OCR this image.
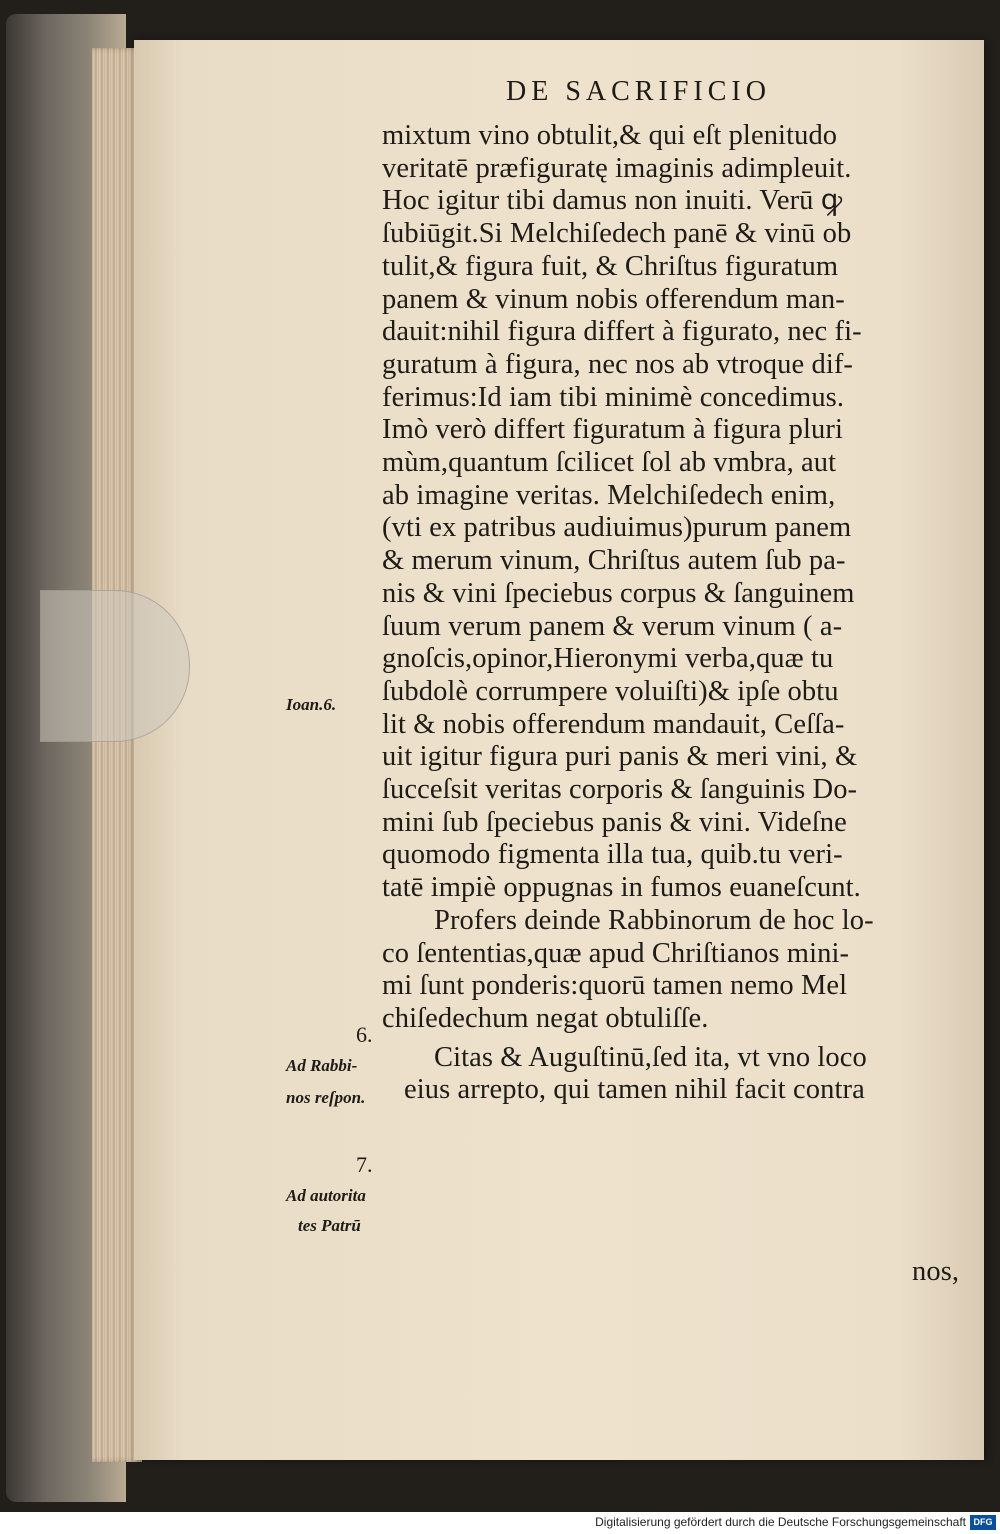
DE SACRIFICIO
mixtum vino obtulit,& qui eſt plenitudo
veritatē præfiguratę imaginis adimpleuit.
Hoc igitur tibi damus non inuiti. Verū ꝙ
ſubiūgit.Si Melchiſedech panē & vinū ob
tulit,& figura fuit, & Chriſtus figuratum
panem & vinum nobis offerendum man-
dauit:nihil figura differt à figurato, nec fi-
guratum à figura, nec nos ab vtroque dif-
ferimus:Id iam tibi minimè concedimus.
Imò verò differt figuratum à figura pluri
mùm,quantum ſcilicet ſol ab vmbra, aut
ab imagine veritas. Melchiſedech enim,
(vti ex patribus audiuimus)purum panem
& merum vinum, Chriſtus autem ſub pa-
nis & vini ſpeciebus corpus & ſanguinem
ſuum verum panem & verum vinum ( a-
gnoſcis,opinor,Hieronymi verba,quæ tu
ſubdolè corrumpere voluiſti)& ipſe obtu
lit & nobis offerendum mandauit, Ceſſa-
uit igitur figura puri panis & meri vini, &
ſucceſsit veritas corporis & ſanguinis Do-
mini ſub ſpeciebus panis & vini. Videſne
quomodo figmenta illa tua, quib.tu veri-
tatē impiè oppugnas in fumos euaneſcunt.
Profers deinde Rabbinorum de hoc lo-
co ſententias,quæ apud Chriſtianos mini-
mi ſunt ponderis:quorū tamen nemo Mel
chiſedechum negat obtuliſſe.
Citas & Auguſtinū,ſed ita, vt vno loco
eius arrepto, qui tamen nihil facit contra
Ioan.6.
6.
Ad Rabbi-
nos reſpon.
7.
Ad autorita
tes Patrū
nos,
Digitalisierung gefördert durch die Deutsche Forschungsgemeinschaft DFG
